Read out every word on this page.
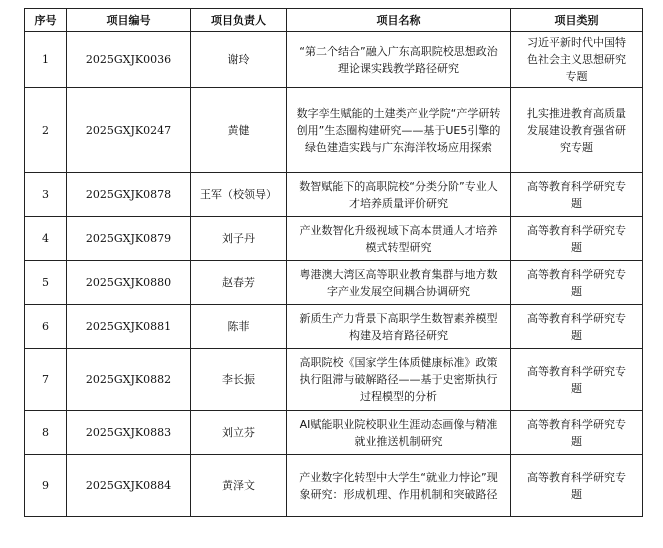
序号	项目编号	项目负责人	项目名称	项目类别
1	2025GXJK0036	谢玲	“第二个结合”融入广东高职院校思想政治理论课实践教学路径研究	习近平新时代中国特色社会主义思想研究专题
2	2025GXJK0247	黄健	数字孪生赋能的土建类产业学院“产学研转创用”生态圈构建研究——基于UE5引擎的绿色建造实践与广东海洋牧场应用探索	扎实推进教育高质量发展建设教育强省研究专题
3	2025GXJK0878	王军（校领导）	数智赋能下的高职院校“分类分阶”专业人才培养质量评价研究	高等教育科学研究专题
4	2025GXJK0879	刘子丹	产业数智化升级视域下高本贯通人才培养模式转型研究	高等教育科学研究专题
5	2025GXJK0880	赵春芳	粤港澳大湾区高等职业教育集群与地方数字产业发展空间耦合协调研究	高等教育科学研究专题
6	2025GXJK0881	陈菲	新质生产力背景下高职学生数智素养模型构建及培育路径研究	高等教育科学研究专题
7	2025GXJK0882	李长振	高职院校《国家学生体质健康标准》政策执行阻滞与破解路径——基于史密斯执行过程模型的分析	高等教育科学研究专题
8	2025GXJK0883	刘立芬	AI赋能职业院校职业生涯动态画像与精准就业推送机制研究	高等教育科学研究专题
9	2025GXJK0884	黄泽文	产业数字化转型中大学生“就业力悖论”现象研究：形成机理、作用机制和突破路径	高等教育科学研究专题
